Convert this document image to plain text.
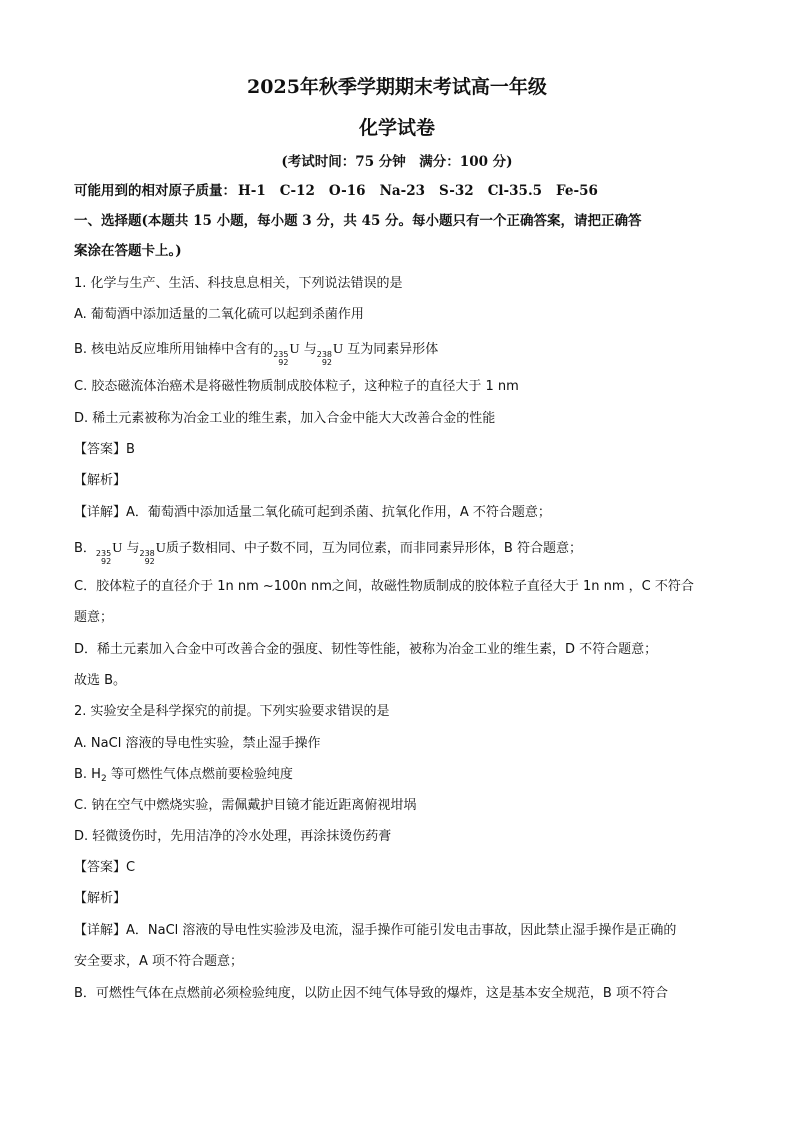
2025年秋季学期期末考试高一年级
化学试卷
(考试时间：75 分钟　满分：100 分)
可能用到的相对原子质量： H-1 C-12 O-16 Na-23 S-32 Cl-35.5 Fe-56
一、选择题(本题共 15 小题，每小题 3 分，共 45 分。每小题只有一个正确答案，请把正确答
案涂在答题卡上。)
1. 化学与生产、生活、科技息息相关，下列说法错误的是
A. 葡萄酒中添加适量的二氧化硫可以起到杀菌作用
B. 核电站反应堆所用铀棒中含有的 235
92
U 与 238
92
U 互为同素异形体
C. 胶态磁流体治癌术是将磁性物质制成胶体粒子，这种粒子的直径大于 1 nm
D. 稀土元素被称为冶金工业的维生素，加入合金中能大大改善合金的性能
【答案】B
【解析】
【详解】A．葡萄酒中添加适量二氧化硫可起到杀菌、抗氧化作用，A 不符合题意；
B． 235
92
U 与 238
92
U质子数相同、中子数不同，互为同位素，而非同素异形体，B 符合题意；
C．胶体粒子的直径介于 1n nm ~100n nm之间，故磁性物质制成的胶体粒子直径大于 1n nm ，C 不符合
题意；
D．稀土元素加入合金中可改善合金的强度、韧性等性能，被称为冶金工业的维生素，D 不符合题意；
故选 B。
2. 实验安全是科学探究的前提。下列实验要求错误的是
A. NaCl 溶液的导电性实验，禁止湿手操作
B. $H_2$ 等可燃性气体点燃前要检验纯度
C. 钠在空气中燃烧实验，需佩戴护目镜才能近距离俯视坩埚
D. 轻微烫伤时，先用洁净的冷水处理，再涂抹烫伤药膏
【答案】C
【解析】
【详解】A．NaCl 溶液的导电性实验涉及电流，湿手操作可能引发电击事故，因此禁止湿手操作是正确的
安全要求，A 项不符合题意；
B．可燃性气体在点燃前必须检验纯度，以防止因不纯气体导致的爆炸，这是基本安全规范，B 项不符合
